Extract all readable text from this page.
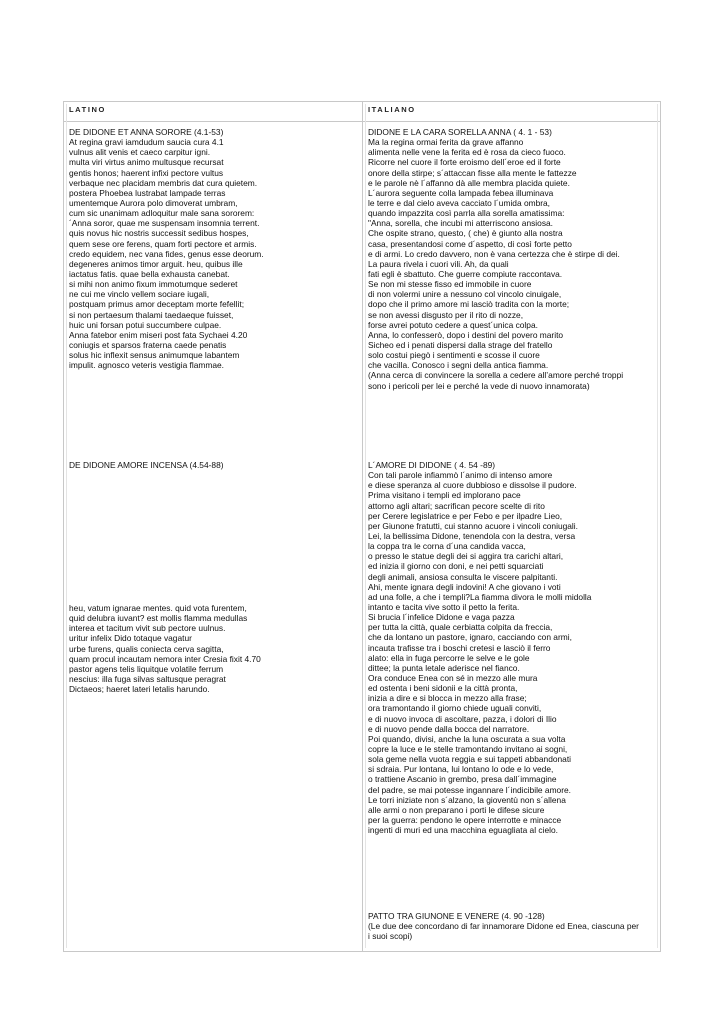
LATINO	ITALIANO

DE DIDONE ET ANNA SORORE (4.1-53)
At regina gravi iamdudum saucia cura 4.1
vulnus alit venis et caeco carpitur igni.
multa viri virtus animo multusque recursat
gentis honos; haerent infixi pectore vultus
verbaque nec placidam membris dat cura quietem.
postera Phoebea lustrabat lampade terras
umentemque Aurora polo dimoverat umbram,
cum sic unanimam adloquitur male sana sororem:
´Anna soror, quae me suspensam insomnia terrent.
quis novus hic nostris successit sedibus hospes,
quem sese ore ferens, quam forti pectore et armis.
credo equidem, nec vana fides, genus esse deorum.
degeneres animos timor arguit. heu, quibus ille
iactatus fatis. quae bella exhausta canebat.
si mihi non animo fixum immotumque sederet
ne cui me vinclo vellem sociare iugali,
postquam primus amor deceptam morte fefellit;
si non pertaesum thalami taedaeque fuisset,
huic uni forsan potui succumbere culpae.
Anna fatebor enim miseri post fata Sychaei 4.20
coniugis et sparsos fraterna caede penatis
solus hic inflexit sensus animumque labantem
impulit. agnosco veteris vestigia flammae.

DE DIDONE AMORE INCENSA (4.54-88)

heu, vatum ignarae mentes. quid vota furentem,
quid delubra iuvant? est mollis flamma medullas
interea et tacitum vivit sub pectore uulnus.
uritur infelix Dido totaque vagatur
urbe furens, qualis coniecta cerva sagitta,
quam procul incautam nemora inter Cresia fixit 4.70
pastor agens telis liquitque volatile ferrum
nescius: illa fuga silvas saltusque peragrat
Dictaeos; haeret lateri letalis harundo.

DIDONE E LA CARA SORELLA ANNA ( 4. 1 - 53)
Ma la regina ormai ferita da grave affanno
alimenta nelle vene la ferita ed è rosa da cieco fuoco.
Ricorre nel cuore il forte eroismo dell´eroe ed il forte
onore della stirpe; s´attaccan fisse alla mente le fattezze
e le parole nè l´affanno dà alle membra placida quiete.
L´aurora seguente colla lampada febea illuminava
le terre e dal cielo aveva cacciato l´umida ombra,
quando impazzita così parrla alla sorella amatissima:
"Anna, sorella, che incubi mi atterriscono ansiosa.
Che ospite strano, questo, ( che) è giunto alla nostra
casa, presentandosi come d´aspetto, di così forte petto
e di armi. Lo credo davvero, non è vana certezza che è stirpe di dei.
La paura rivela i cuori vili. Ah, da quali
fati egli è sbattuto. Che guerre compiute raccontava.
Se non mi stesse fisso ed immobile in cuore
di non volermi unire a nessuno col vincolo cinuigale,
dopo che il primo amore mi lasciò tradita con la morte;
se non avessi disgusto per il rito di nozze,
forse avrei potuto cedere a quest´unica colpa.
Anna, lo confesserò, dopo i destini del povero marito
Sicheo ed i penati dispersi dalla strage del fratello
solo costui piegò i sentimenti e scosse il cuore
che vacilla. Conosco i segni della antica fiamma.
(Anna cerca di convincere la sorella a cedere all’amore perché troppi
sono i pericoli per lei e perché la vede di nuovo innamorata)

L´AMORE DI DIDONE ( 4. 54 -89)
Con tali parole infiammò l´animo di intenso amore
e diese speranza al cuore dubbioso e dissolse il pudore.
Prima visitano i templi ed implorano pace
attorno agli altari; sacrifican pecore scelte di rito
per Cerere legislatrice e per Febo e per ilpadre Lieo,
per Giunone fratutti, cui stanno acuore i vincoli coniugali.
Lei, la bellissima Didone, tenendola con la destra, versa
la coppa tra le corna d´una candida vacca,
o presso le statue degli dei si aggira tra carichi altari,
ed inizia il giorno con doni, e nei petti squarciati
degli animali, ansiosa consulta le viscere palpitanti.
Ahi, mente ignara degli indovini! A che giovano i voti
ad una folle, a che i templi?La fiamma divora le molli midolla
intanto e tacita vive sotto il petto la ferita.
Si brucia l´infelice Didone e vaga pazza
per tutta la città, quale cerbiatta colpita da freccia,
che da lontano un pastore, ignaro, cacciando con armi,
incauta trafisse tra i boschi cretesi e lasciò il ferro
alato: ella in fuga percorre le selve e le gole
dittee; la punta letale aderisce nel fianco.
Ora conduce Enea con sé in mezzo alle mura
ed ostenta i beni sidonii e la città pronta,
inizia a dire e si blocca in mezzo alla frase;
ora tramontando il giorno chiede uguali conviti,
e di nuovo invoca di ascoltare, pazza, i dolori di Ilio
e di nuovo pende dalla bocca del narratore.
Poi quando, divisi, anche la luna oscurata a sua volta
copre la luce e le stelle tramontando invitano ai sogni,
sola geme nella vuota reggia e sui tappeti abbandonati
si sdraia. Pur lontana, lui lontano lo ode e lo vede,
o trattiene Ascanio in grembo, presa dall´immagine
del padre, se mai potesse ingannare l´indicibile amore.
Le torri iniziate non s´alzano, la gioventù non s´allena
alle armi o non preparano i porti le difese sicure
per la guerra: pendono le opere interrotte e minacce
ingenti di muri ed una macchina eguagliata al cielo.

PATTO TRA GIUNONE E VENERE (4. 90 -128)
(Le due dee concordano di far innamorare Didone ed Enea, ciascuna per
i suoi scopi)
